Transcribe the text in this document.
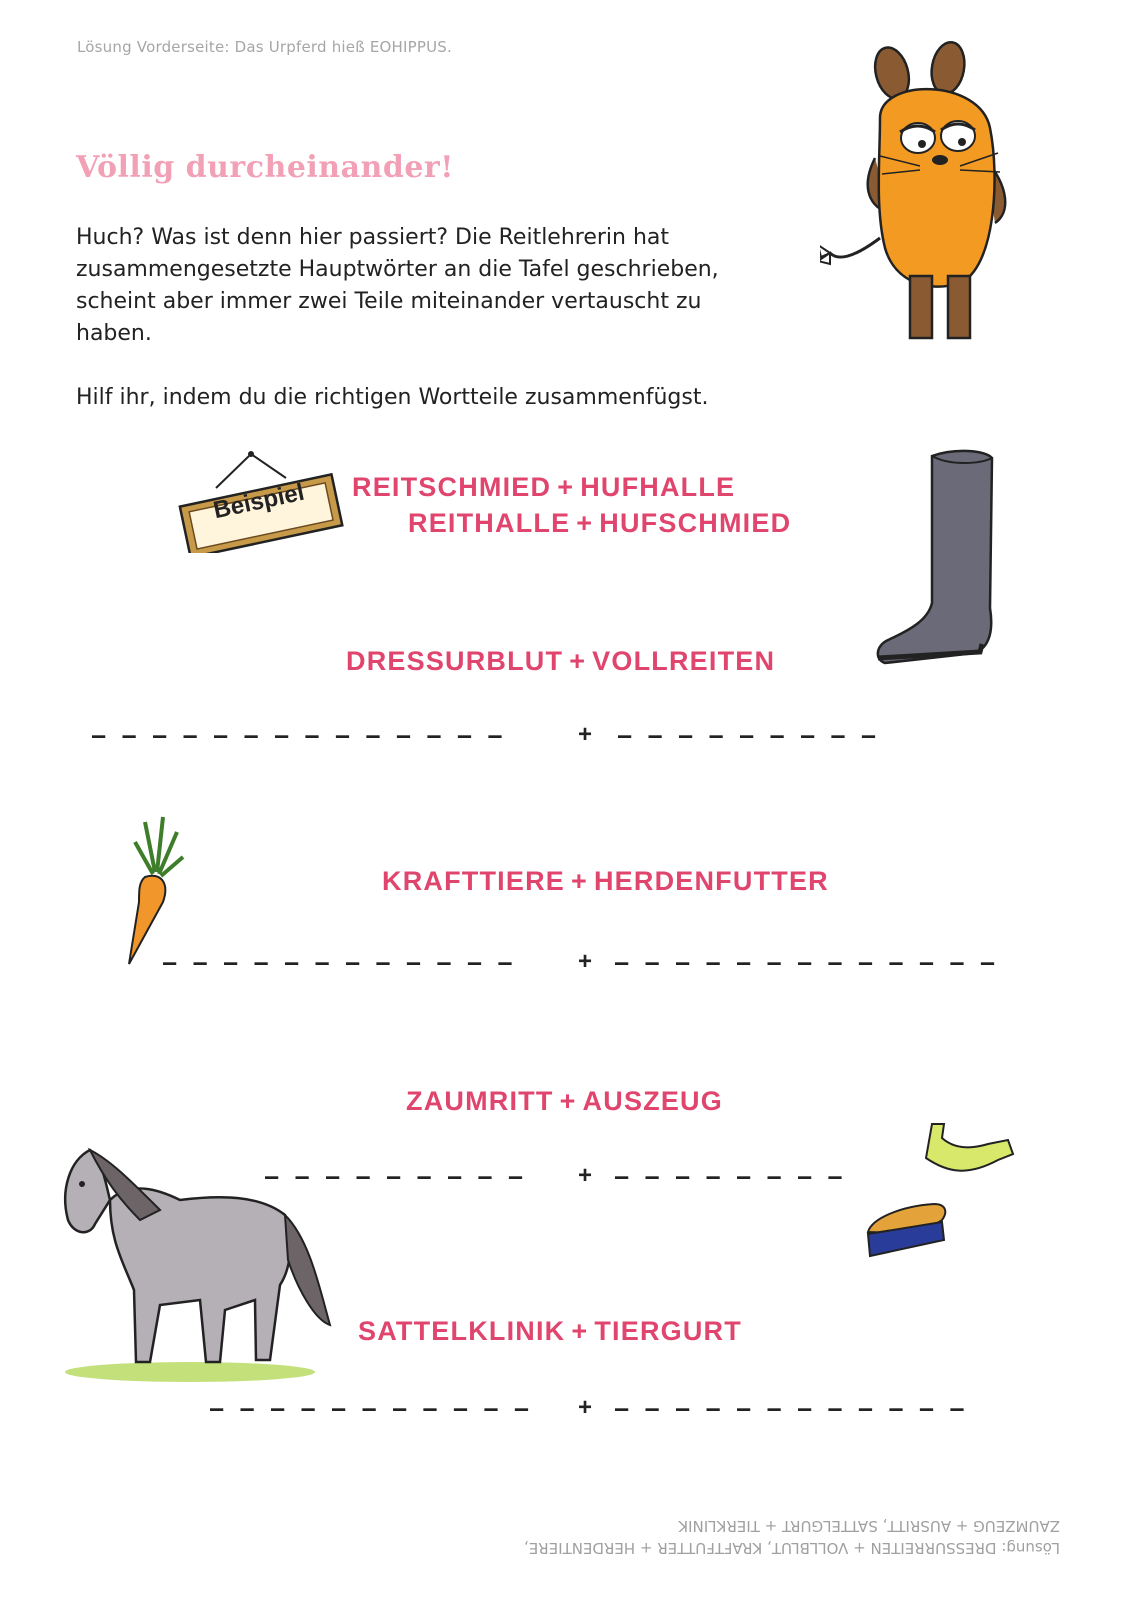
Lösung Vorderseite: Das Urpferd hieß EOHIPPUS.
Völlig durcheinander!

Huch? Was ist denn hier passiert? Die Reitlehrerin hat zusammengesetzte Hauptwörter an die Tafel geschrieben, scheint aber immer zwei Teile miteinander vertauscht zu haben.

Hilf ihr, indem du die richtigen Wortteile zusammenfügst.

Beispiel	REITSCHMIED + HUFHALLE
REITHALLE + HUFSCHMIED
DRESSURBLUT + VOLLREITEN
— — — — — — — — — — — — — —	+ — — — — — — — — —
KRAFTTIERE + HERDENFUTTER
— — — — — — — — — — — —	+ — — — — — — — — — — — — —
ZAUMRITT + AUSZEUG
— — — — — — — — — + — — — — — — — —
SATTELKLINIK + TIERGURT
— — — — — — — — — — — + — — — — — — — — — — — —
Lösung: DRESSURREITEN + VOLLBLUT, KRAFTFUTTER + HERDENTIERE,
ZAUMZEUG + AUSRITT, SATTELGURT + TIERKLINIK
